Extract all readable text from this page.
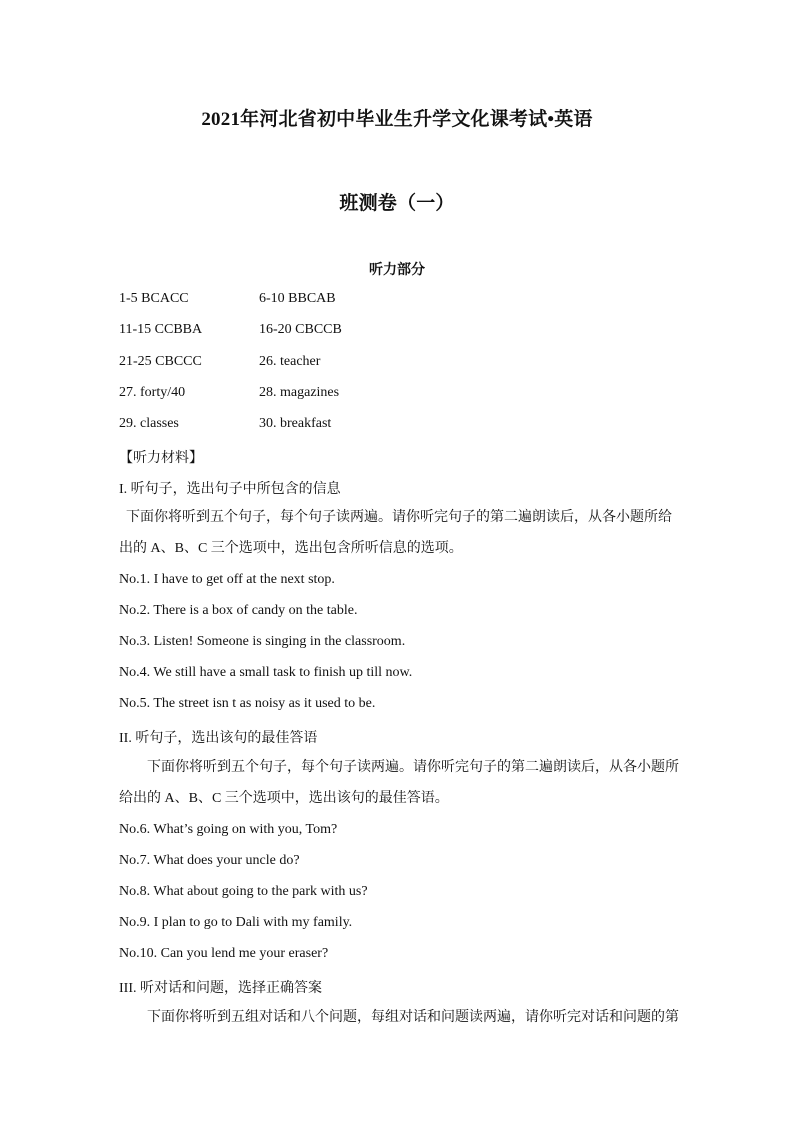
2021年河北省初中毕业生升学文化课考试•英语
班测卷（一）
听力部分
1-5 BCACC	6-10 BBCAB
11-15 CCBBA	16-20 CBCCB
21-25 CBCCC	26. teacher
27. forty/40	28. magazines
29. classes	30. breakfast
【听力材料】
I. 听句子，选出句子中所包含的信息
下面你将听到五个句子，每个句子读两遍。请你听完句子的第二遍朗读后，从各小题所给出的 A、B、C 三个选项中，选出包含所听信息的选项。
No.1. I have to get off at the next stop.
No.2. There is a box of candy on the table.
No.3. Listen! Someone is singing in the classroom.
No.4. We still have a small task to finish up till now.
No.5. The street isn t as noisy as it used to be.
II. 听句子，选出该句的最佳答语
下面你将听到五个句子，每个句子读两遍。请你听完句子的第二遍朗读后，从各小题所给出的 A、B、C 三个选项中，选出该句的最佳答语。
No.6. What’s going on with you, Tom?
No.7. What does your uncle do?
No.8. What about going to the park with us?
No.9. I plan to go to Dali with my family.
No.10. Can you lend me your eraser?
III. 听对话和问题，选择正确答案
下面你将听到五组对话和八个问题，每组对话和问题读两遍，请你听完对话和问题的第
